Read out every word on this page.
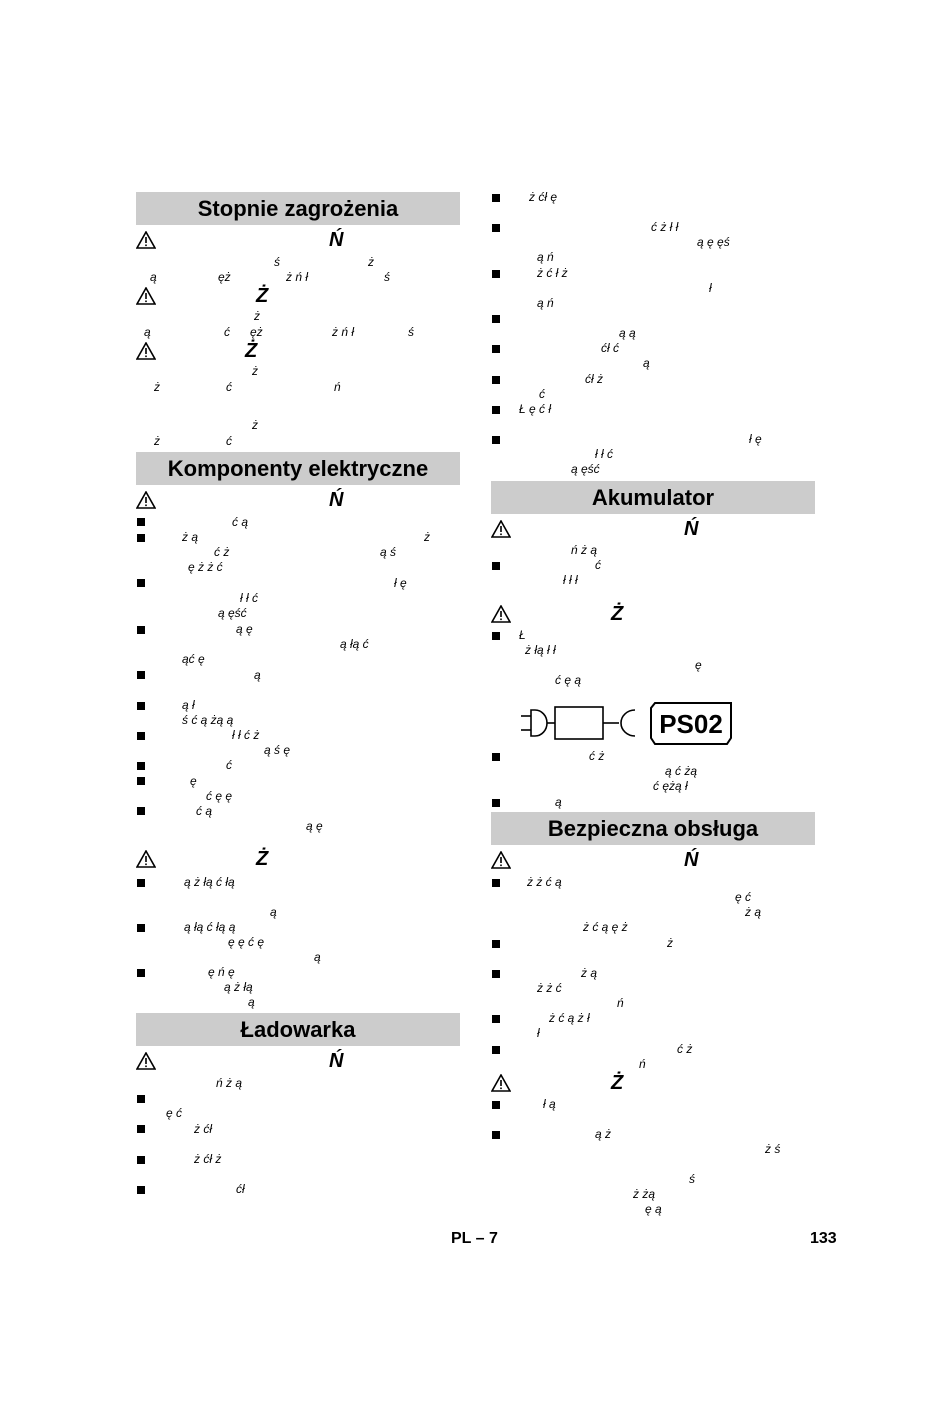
Stopnie zagrożenia
Ń
ś	ż
ą	ęż	ż ń ł	ś
Ż
ż
ą	ć ęż	ż ń ł	ś
Ż
ż
ż	ć	ń
ż
ż	ć
Komponenty elektryczne
Ń
ć ą
ż ą	ż
ć ż	ą ś
ę ż ż ć
ł ę
ł ł ć
ą ęść
ą ę
ą łą ć
ąć ę
ą
ą ł
ś ć ą żą ą
ł ł ć ż
ą ś ę
ć
ę
ć ę ę
ć ą
ą ę
Ż
ą ż łą ć łą
ą
ą łą ć łą ą
ę ę ć ę
ą
ę ń ę
ą ż łą
ą
Ładowarka
Ń
ń ż ą
ę ć
ż ćł
ż ćł ż
ćł
ż ćł ę
ć ż ł ł
ą ę ęś
ą ń
ż ć ł ż
ł
ą ń
ą ą
ćł ć
ą
ćł ż
ć
Ł ę ć ł
ł ę
ł ł ć
ą ęść
Akumulator
Ń
ń ż ą
ć
ł ł ł
Ż
Ł
ż łą ł ł
ę
ć ę ą
PS02
ć ż
ą ć żą
ć ężą ł
ą
Bezpieczna obsługa
Ń
ż ż ć ą
ę ć
ż ą
ż ć ą ę ż
ż
ż ą
ż ż ć
ń
ż ć ą ż ł
ł
ć ż
ń
Ż
ł ą
ą ż
ż ś
ś
ż żą
ę ą
PL – 7	133
